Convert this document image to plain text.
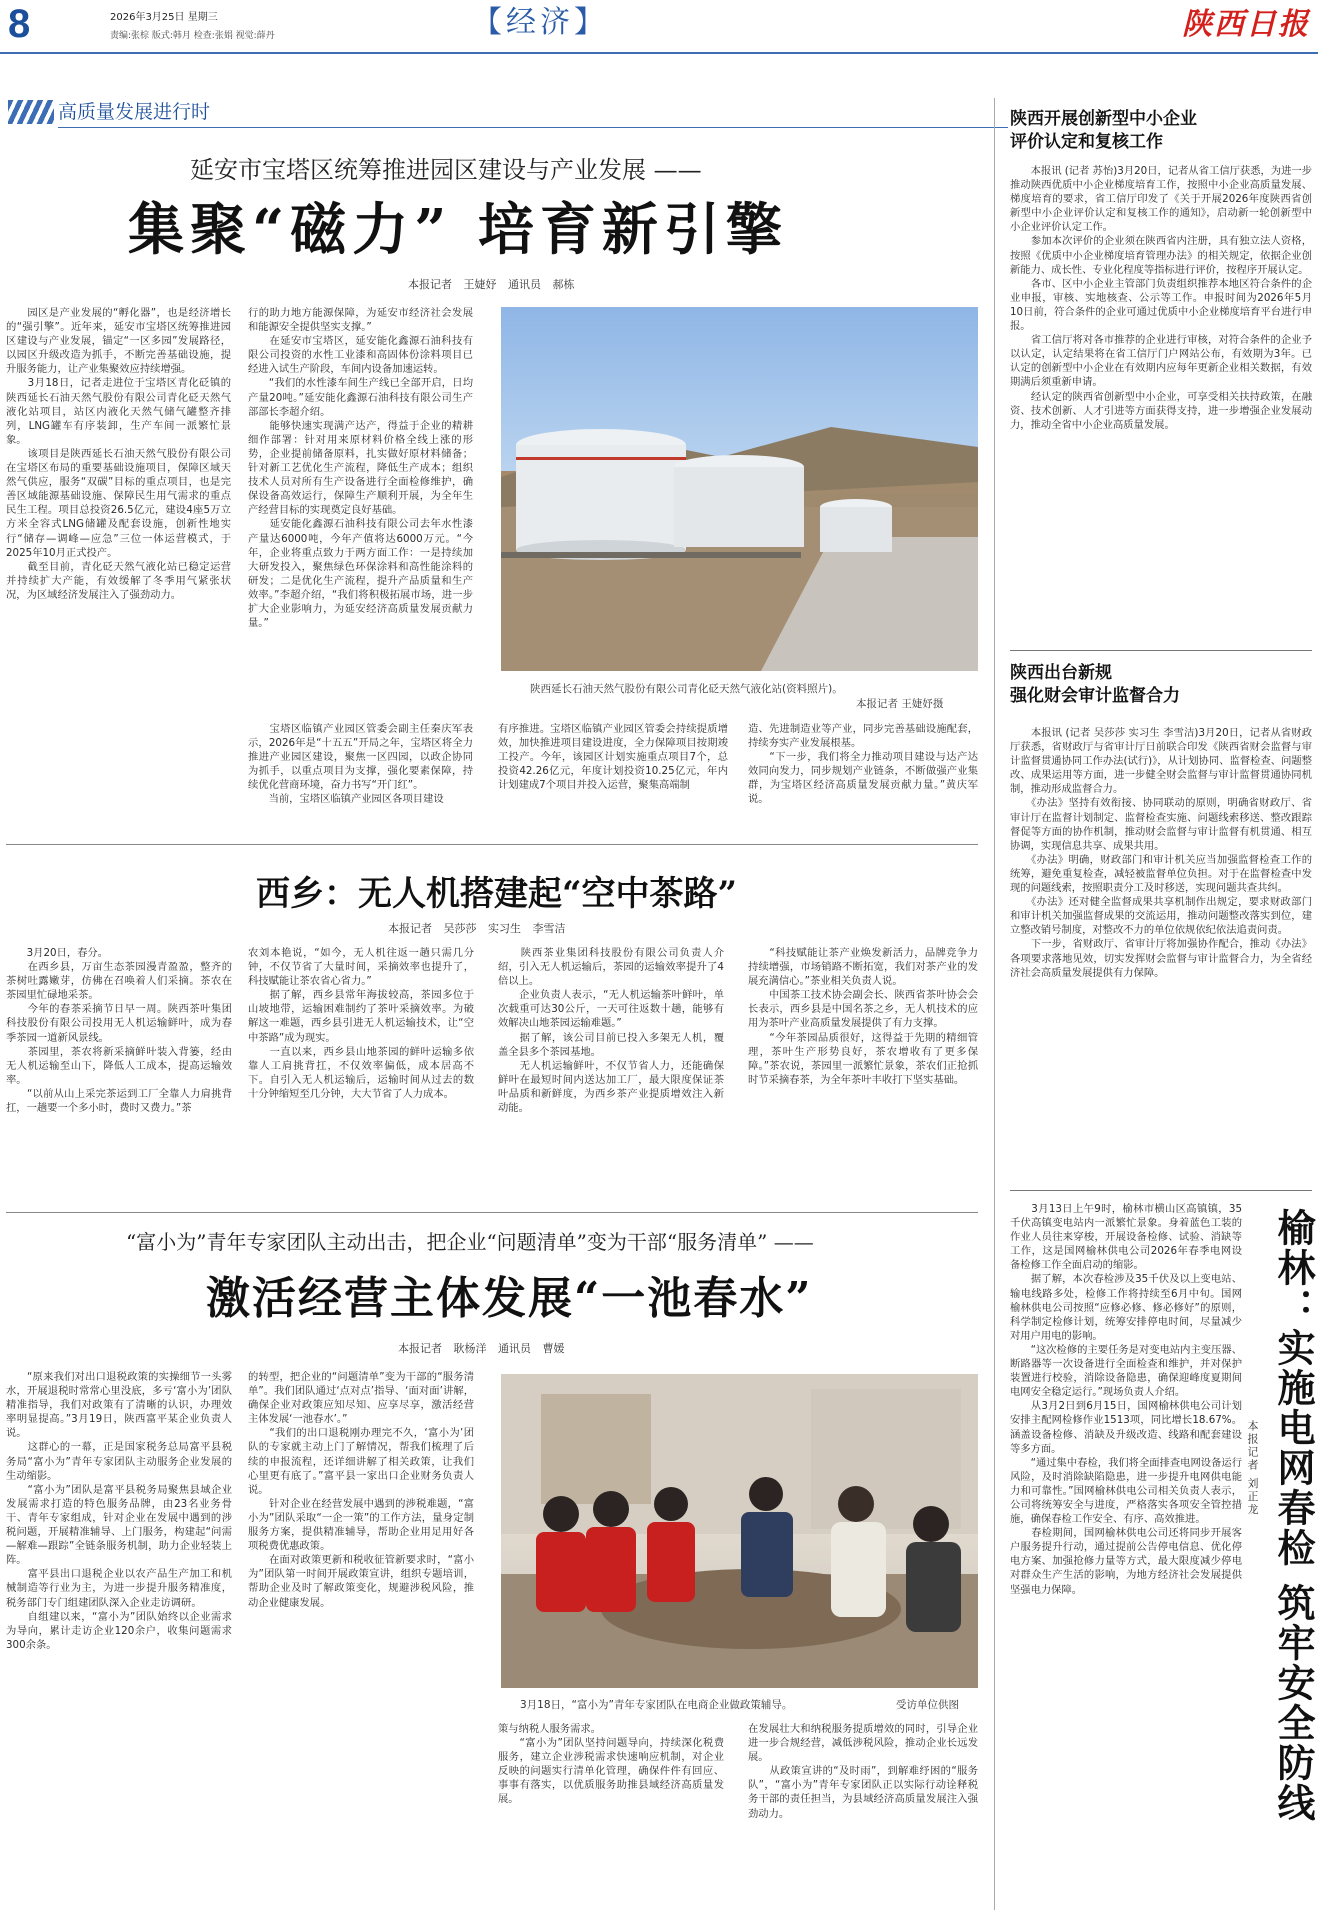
8	2026年3月25日 星期三
责编:张棕 版式:韩月 检查:张娟 视觉:薛丹	【经济】	陕西日报
高质量发展进行时
延安市宝塔区统筹推进园区建设与产业发展 ——
集聚“磁力” 培育新引擎
本报记者 王婕妤 通讯员 郝栋
　　园区是产业发展的“孵化器”，也是经济增长的“强引擎”。近年来，延安市宝塔区统筹推进园区建设与产业发展，锚定“一区多园”发展路径，以园区升级改造为抓手，不断完善基础设施，提升服务能力，让产业集聚效应持续增强。
　　3月18日，记者走进位于宝塔区青化砭镇的陕西延长石油天然气股份有限公司青化砭天然气液化站项目，站区内液化天然气储气罐整齐排列，LNG罐车有序装卸，生产车间一派繁忙景象。
　　该项目是陕西延长石油天然气股份有限公司在宝塔区布局的重要基础设施项目，保障区域天然气供应，服务“双碳”目标的重点项目，也是完善区域能源基础设施、保障民生用气需求的重点民生工程。项目总投资26.5亿元，建设4座5万立方米全容式LNG储罐及配套设施，创新性地实行“储存—调峰—应急”三位一体运营模式，于2025年10月正式投产。
　　截至目前，青化砭天然气液化站已稳定运营并持续扩大产能，有效缓解了冬季用气紧张状况，为区域经济发展注入了强劲动力。
行的助力地方能源保障，为延安市经济社会发展和能源安全提供坚实支撑。”
　　在延安市宝塔区，延安能化鑫源石油科技有限公司投资的水性工业漆和高固体份涂料项目已经进入试生产阶段，车间内设备加速运转。
　　“我们的水性漆车间生产线已全部开启，日均产量20吨。”延安能化鑫源石油科技有限公司生产部部长李超介绍。
　　能够快速实现满产达产，得益于企业的精耕细作部署：针对用来原材料价格全线上涨的形势，企业提前储备原料，扎实做好原材料储备；针对新工艺优化生产流程，降低生产成本；组织技术人员对所有生产设备进行全面检修维护，确保设备高效运行，保障生产顺利开展，为全年生产经营目标的实现奠定良好基础。
　　延安能化鑫源石油科技有限公司去年水性漆产量达6000吨，今年产值将达6000万元。“今年，企业将重点致力于两方面工作：一是持续加大研发投入，聚焦绿色环保涂料和高性能涂料的研发；二是优化生产流程，提升产品质量和生产效率。”李超介绍，“我们将积极拓展市场，进一步扩大企业影响力，为延安经济高质量发展贡献力量。”
陕西延长石油天然气股份有限公司青化砭天然气液化站(资料照片)。
本报记者 王婕妤摄
　　宝塔区临镇产业园区管委会副主任秦庆军表示，2026年是“十五五”开局之年，宝塔区将全力推进产业园区建设，聚焦一区四园，以政企协同为抓手，以重点项目为支撑，强化要素保障，持续优化营商环境，奋力书写“开门红”。
　　当前，宝塔区临镇产业园区各项目建设
有序推进。宝塔区临镇产业园区管委会持续提质增效，加快推进项目建设进度，全力保障项目按期竣工投产。今年，该园区计划实施重点项目7个，总投资42.26亿元，年度计划投资10.25亿元，年内计划建成7个项目并投入运营，聚集高端制
造、先进制造业等产业，同步完善基础设施配套，持续夯实产业发展根基。
　　“下一步，我们将全力推动项目建设与达产达效同向发力，同步规划产业链条，不断做强产业集群，为宝塔区经济高质量发展贡献力量。”黄庆军说。
西乡：无人机搭建起“空中茶路”
本报记者 吴莎莎 实习生 李雪洁
　　3月20日，春分。
　　在西乡县，万亩生态茶园漫青盈盈，整齐的茶树吐露嫩芽，仿佛在召唤着人们采摘。茶农在茶园里忙碌地采茶。
　　今年的春茶采摘节日早一周。陕西茶叶集团科技股份有限公司投用无人机运输鲜叶，成为春季茶园一道新风景线。
　　茶园里，茶农将新采摘鲜叶装入背篓，经由无人机运输至山下，降低人工成本，提高运输效率。
　　“以前从山上采完茶运到工厂全靠人力肩挑背扛，一趟要一个多小时，费时又费力。”茶
农刘本艳说，“如今，无人机往返一趟只需几分钟，不仅节省了大量时间，采摘效率也提升了，科技赋能让茶农省心省力。”
　　据了解，西乡县常年海拔较高，茶园多位于山坡地带，运输困难制约了茶叶采摘效率。为破解这一难题，西乡县引进无人机运输技术，让“空中茶路”成为现实。
　　一直以来，西乡县山地茶园的鲜叶运输多依靠人工肩挑背扛，不仅效率偏低，成本居高不下。自引入无人机运输后，运输时间从过去的数十分钟缩短至几分钟，大大节省了人力成本。
　　陕西茶业集团科技股份有限公司负责人介绍，引入无人机运输后，茶园的运输效率提升了4倍以上。
　　企业负责人表示，“无人机运输茶叶鲜叶，单次载重可达30公斤，一天可往返数十趟，能够有效解决山地茶园运输难题。”
　　据了解，该公司目前已投入多架无人机，覆盖全县多个茶园基地。
　　无人机运输鲜叶，不仅节省人力，还能确保鲜叶在最短时间内送达加工厂，最大限度保证茶叶品质和新鲜度，为西乡茶产业提质增效注入新动能。
　　“科技赋能让茶产业焕发新活力，品牌竞争力持续增强，市场销路不断拓宽，我们对茶产业的发展充满信心。”茶业相关负责人说。
　　中国茶工技术协会副会长、陕西省茶叶协会会长表示，西乡县是中国名茶之乡，无人机技术的应用为茶叶产业高质量发展提供了有力支撑。
　　“今年茶园品质很好，这得益于先期的精细管理，茶叶生产形势良好，茶农增收有了更多保障。”茶农说，茶园里一派繁忙景象，茶农们正抢抓时节采摘春茶，为全年茶叶丰收打下坚实基础。
“富小为”青年专家团队主动出击，把企业“问题清单”变为干部“服务清单” ——
激活经营主体发展“一池春水”
本报记者 耿杨洋 通讯员 曹媛
　　“原来我们对出口退税政策的实操细节一头雾水，开展退税时常常心里没底，多亏‘富小为’团队精准指导，我们对政策有了清晰的认识，办理效率明显提高。”3月19日，陕西富平某企业负责人说。
　　这群心的一幕，正是国家税务总局富平县税务局“富小为”青年专家团队主动服务企业发展的生动缩影。
　　“富小为”团队是富平县税务局聚焦县域企业发展需求打造的特色服务品牌，由23名业务骨干、青年专家组成，针对企业在发展中遇到的涉税问题，开展精准辅导、上门服务，构建起“问需—解难—跟踪”全链条服务机制，助力企业轻装上阵。
　　富平县出口退税企业以农产品生产加工和机械制造等行业为主，为进一步提升服务精准度，税务部门专门组建团队深入企业走访调研。
　　自组建以来，“富小为”团队始终以企业需求为导向，累计走访企业120余户，收集问题需求300余条。
的转型，把企业的“问题清单”变为干部的“服务清单”。我们团队通过‘点对点’指导、‘面对面’讲解，确保企业对政策应知尽知、应享尽享，激活经营主体发展‘一池春水’。”
　　“我们的出口退税刚办理完不久，‘富小为’团队的专家就主动上门了解情况，帮我们梳理了后续的申报流程，还详细讲解了相关政策，让我们心里更有底了。”富平县一家出口企业财务负责人说。
　　针对企业在经营发展中遇到的涉税难题，“富小为”团队采取“一企一策”的工作方法，量身定制服务方案，提供精准辅导，帮助企业用足用好各项税费优惠政策。
　　在面对政策更新和税收征管新要求时，“富小为”团队第一时间开展政策宣讲，组织专题培训，帮助企业及时了解政策变化，规避涉税风险，推动企业健康发展。
3月18日，“富小为”青年专家团队在电商企业做政策辅导。	受访单位供图
策与纳税人服务需求。
　　“富小为”团队坚持问题导向，持续深化税费服务，建立企业涉税需求快速响应机制，对企业反映的问题实行清单化管理，确保件件有回应、事事有落实，以优质服务助推县域经济高质量发展。
在发展壮大和纳税服务提质增效的同时，引导企业进一步合规经营，减低涉税风险，推动企业长远发展。
　　从政策宣讲的“及时雨”，到解难纾困的“服务队”，“富小为”青年专家团队正以实际行动诠释税务干部的责任担当，为县域经济高质量发展注入强劲动力。
陕西开展创新型中小企业
评价认定和复核工作
　　本报讯 (记者 苏怡)3月20日，记者从省工信厅获悉，为进一步推动陕西优质中小企业梯度培育工作，按照中小企业高质量发展、梯度培育的要求，省工信厅印发了《关于开展2026年度陕西省创新型中小企业评价认定和复核工作的通知》，启动新一轮创新型中小企业评价认定工作。
　　参加本次评价的企业须在陕西省内注册，具有独立法人资格，按照《优质中小企业梯度培育管理办法》的相关规定，依据企业创新能力、成长性、专业化程度等指标进行评价，按程序开展认定。
　　各市、区中小企业主管部门负责组织推荐本地区符合条件的企业申报，审核、实地核查、公示等工作。申报时间为2026年5月10日前，符合条件的企业可通过优质中小企业梯度培育平台进行申报。
　　省工信厅将对各市推荐的企业进行审核，对符合条件的企业予以认定，认定结果将在省工信厅门户网站公布，有效期为3年。已认定的创新型中小企业在有效期内应每年更新企业相关数据，有效期满后须重新申请。
　　经认定的陕西省创新型中小企业，可享受相关扶持政策，在融资、技术创新、人才引进等方面获得支持，进一步增强企业发展动力，推动全省中小企业高质量发展。
陕西出台新规
强化财会审计监督合力
　　本报讯 (记者 吴莎莎 实习生 李雪洁)3月20日，记者从省财政厅获悉，省财政厅与省审计厅日前联合印发《陕西省财会监督与审计监督贯通协同工作办法(试行)》，从计划协同、监督检查、问题整改、成果运用等方面，进一步健全财会监督与审计监督贯通协同机制，推动形成监督合力。
　　《办法》坚持有效衔接、协同联动的原则，明确省财政厅、省审计厅在监督计划制定、监督检查实施、问题线索移送、整改跟踪督促等方面的协作机制，推动财会监督与审计监督有机贯通、相互协调，实现信息共享、成果共用。
　　《办法》明确，财政部门和审计机关应当加强监督检查工作的统筹，避免重复检查，减轻被监督单位负担。对于在监督检查中发现的问题线索，按照职责分工及时移送，实现问题共查共纠。
　　《办法》还对健全监督成果共享机制作出规定，要求财政部门和审计机关加强监督成果的交流运用，推动问题整改落实到位，建立整改销号制度，对整改不力的单位依规依纪依法追责问责。
　　下一步，省财政厅、省审计厅将加强协作配合，推动《办法》各项要求落地见效，切实发挥财会监督与审计监督合力，为全省经济社会高质量发展提供有力保障。
　　3月13日上午9时，榆林市横山区高镇镇，35千伏高镇变电站内一派繁忙景象。身着蓝色工装的作业人员往来穿梭，开展设备检修、试验、消缺等工作，这是国网榆林供电公司2026年春季电网设备检修工作全面启动的缩影。
　　据了解，本次春检涉及35千伏及以上变电站、输电线路多处，检修工作将持续至6月中旬。国网榆林供电公司按照“应修必修、修必修好”的原则，科学制定检修计划，统筹安排停电时间，尽量减少对用户用电的影响。
　　“这次检修的主要任务是对变电站内主变压器、断路器等一次设备进行全面检查和维护，并对保护装置进行校验，消除设备隐患，确保迎峰度夏期间电网安全稳定运行。”现场负责人介绍。
　　从3月2日到6月15日，国网榆林供电公司计划安排主配网检修作业1513项，同比增长18.67%。涵盖设备检修、消缺及升级改造、线路和配套建设等多方面。
　　“通过集中春检，我们将全面排查电网设备运行风险，及时消除缺陷隐患，进一步提升电网供电能力和可靠性。”国网榆林供电公司相关负责人表示，公司将统筹安全与进度，严格落实各项安全管控措施，确保春检工作安全、有序、高效推进。
　　春检期间，国网榆林供电公司还将同步开展客户服务提升行动，通过提前公告停电信息、优化停电方案、加强抢修力量等方式，最大限度减少停电对群众生产生活的影响，为地方经济社会发展提供坚强电力保障。	榆林：实施电网春检 筑牢安全防线
本报记者 刘正龙
